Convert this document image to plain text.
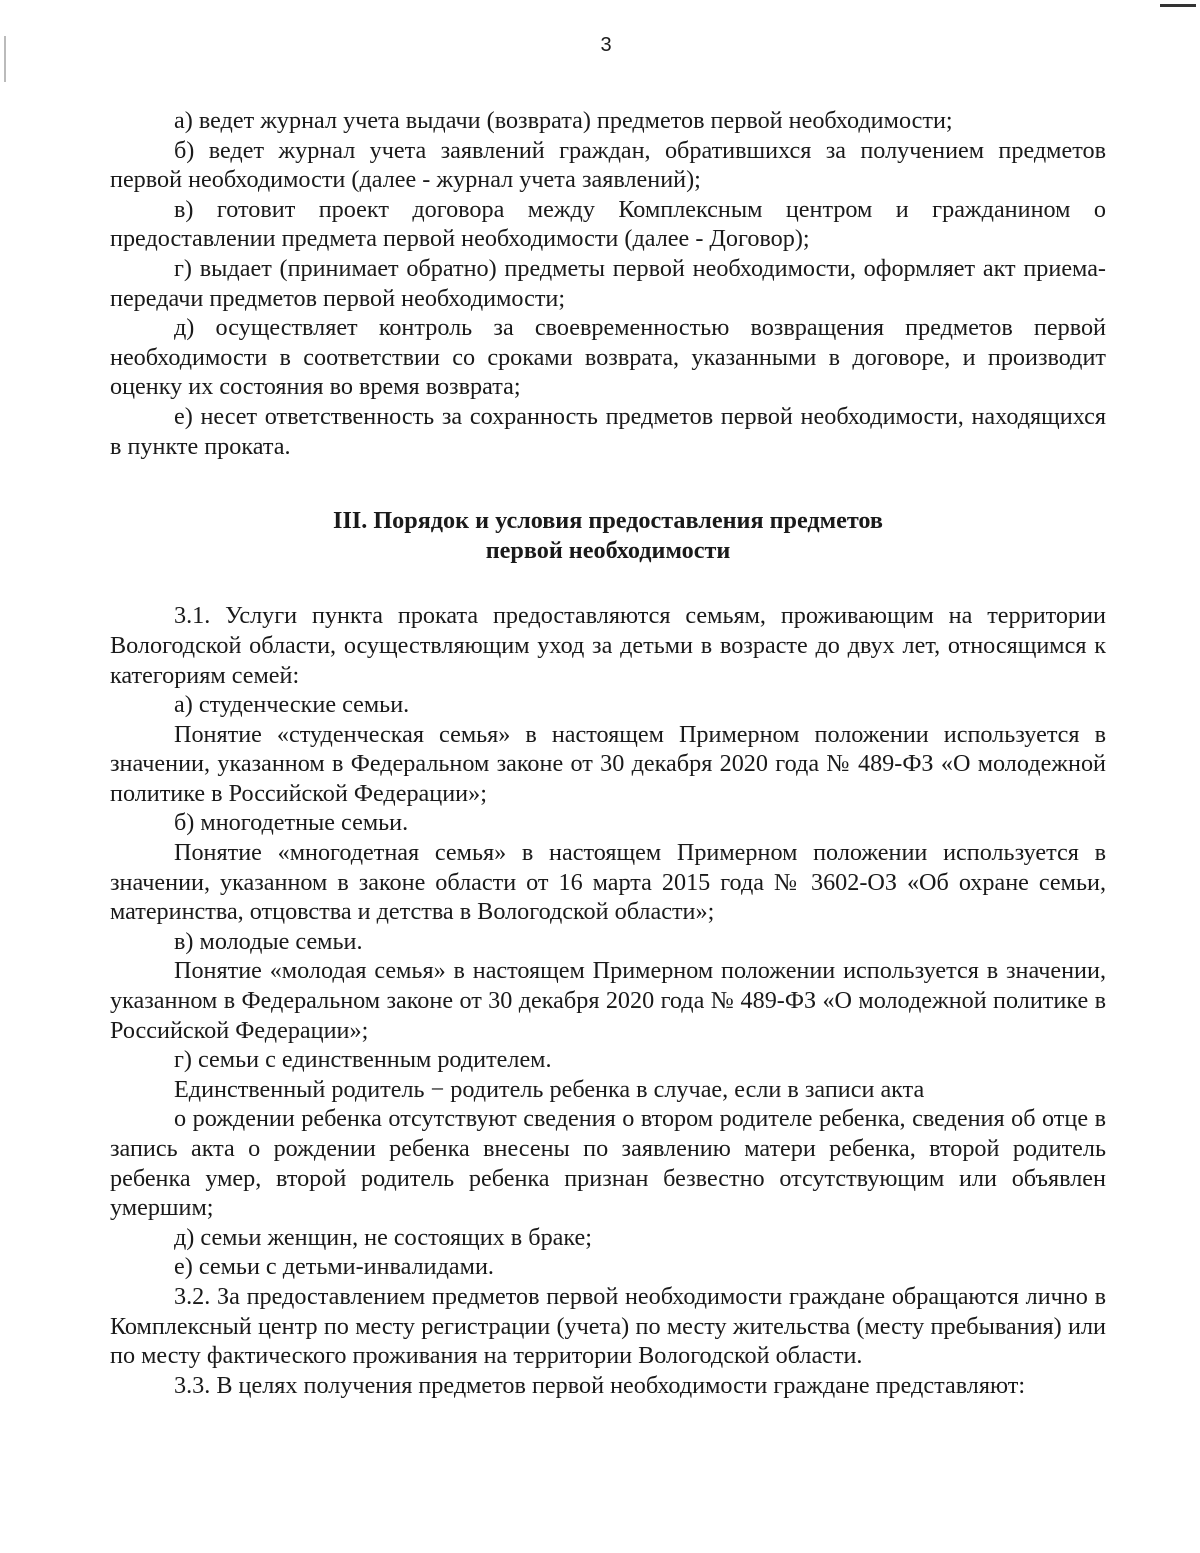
3

а) ведет журнал учета выдачи (возврата) предметов первой необходимости;

б) ведет журнал учета заявлений граждан, обратившихся за получением предметов первой необходимости (далее - журнал учета заявлений);

в) готовит проект договора между Комплексным центром и гражданином о предоставлении предмета первой необходимости (далее - Договор);

г) выдает (принимает обратно) предметы первой необходимости, оформляет акт приема-передачи предметов первой необходимости;

д) осуществляет контроль за своевременностью возвращения предметов первой необходимости в соответствии со сроками возврата, указанными в договоре, и производит оценку их состояния во время возврата;

е) несет ответственность за сохранность предметов первой необходимости, находящихся в пункте проката.

III. Порядок и условия предоставления предметов
первой необходимости

3.1. Услуги пункта проката предоставляются семьям, проживающим на территории Вологодской области, осуществляющим уход за детьми в возрасте до двух лет, относящимся к категориям семей:

а) студенческие семьи.

Понятие «студенческая семья» в настоящем Примерном положении используется в значении, указанном в Федеральном законе от 30 декабря 2020 года № 489-ФЗ «О молодежной политике в Российской Федерации»;

б) многодетные семьи.

Понятие «многодетная семья» в настоящем Примерном положении используется в значении, указанном в законе области от 16 марта 2015 года № 3602-ОЗ «Об охране семьи, материнства, отцовства и детства в Вологодской области»;

в) молодые семьи.

Понятие «молодая семья» в настоящем Примерном положении используется в значении, указанном в Федеральном законе от 30 декабря 2020 года № 489-ФЗ «О молодежной политике в Российской Федерации»;

г) семьи с единственным родителем.

Единственный родитель − родитель ребенка в случае, если в записи акта

о рождении ребенка отсутствуют сведения о втором родителе ребенка, сведения об отце в запись акта о рождении ребенка внесены по заявлению матери ребенка, второй родитель ребенка умер, второй родитель ребенка признан безвестно отсутствующим или объявлен умершим;

д) семьи женщин, не состоящих в браке;

е) семьи с детьми-инвалидами.

3.2. За предоставлением предметов первой необходимости граждане обращаются лично в Комплексный центр по месту регистрации (учета) по месту жительства (месту пребывания) или по месту фактического проживания на территории Вологодской области.

3.3. В целях получения предметов первой необходимости граждане представляют:
